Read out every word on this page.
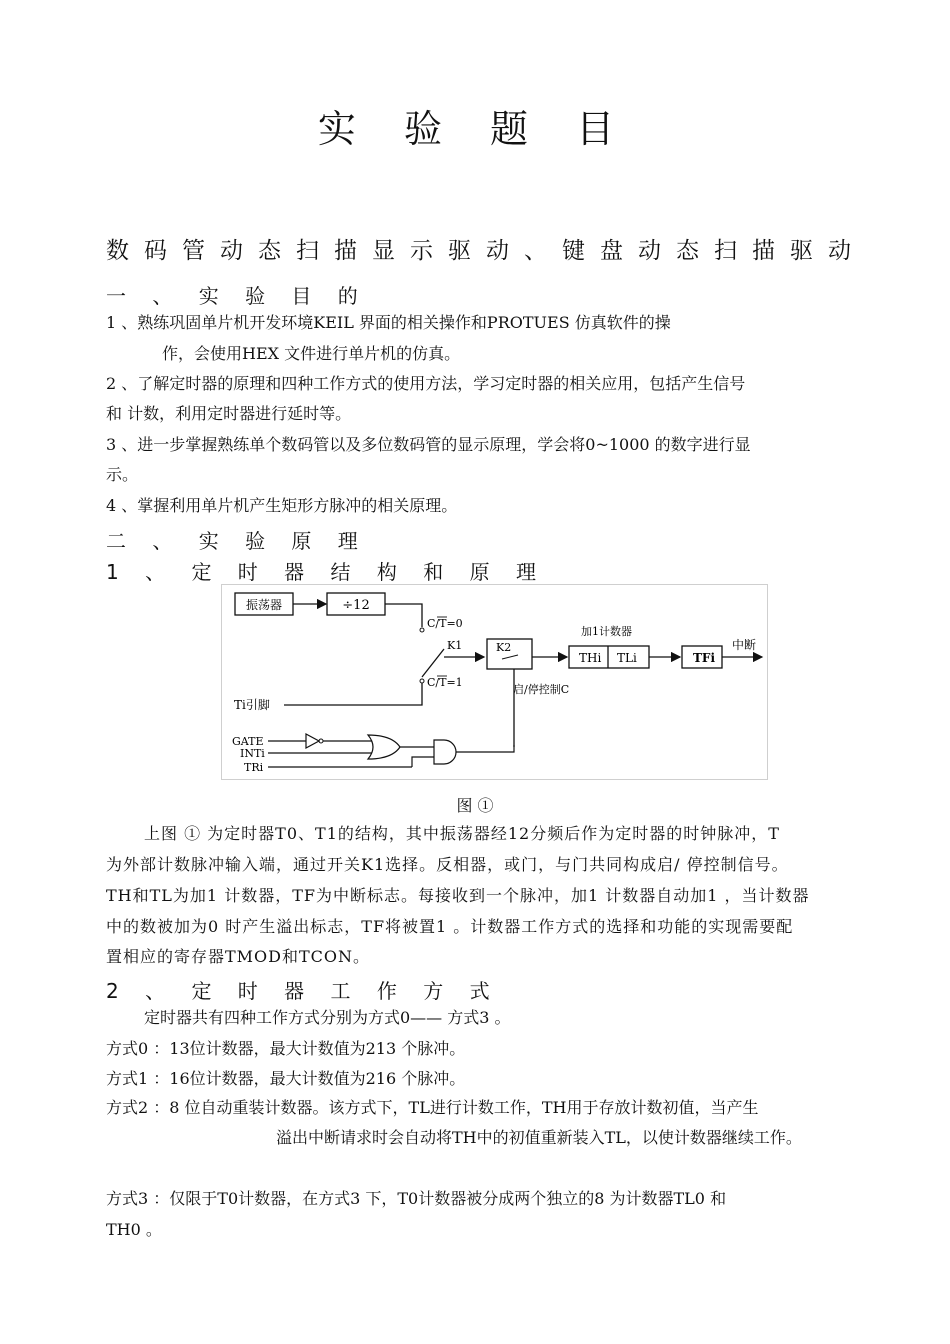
实 验 题 目
数码管动态扫描显示驱动、键盘动态扫描驱动
一 、 实 验 目 的
1 、熟练巩固单片机开发环境KEIL 界面的相关操作和PROTUES 仿真软件的操
作，会使用HEX 文件进行单片机的仿真。
2 、了解定时器的原理和四种工作方式的使用方法，学习定时器的相关应用，包括产生信号
和 计数，利用定时器进行延时等。
3 、进一步掌握熟练单个数码管以及多位数码管的显示原理，学会将0~1000 的数字进行显
示。
4 、掌握利用单片机产生矩形方脉冲的相关原理。
二 、 实 验 原 理
1 、 定 时 器 结 构 和 原 理
振荡器	÷12
C/T=0
K1
C/T=1
Ti引脚
K2
启/停控制C
加1计数器
THi TLi	TFi
中断
GATE
INTi
TRi
图 ①
上图 ① 为定时器T0、T1的结构，其中振荡器经12分频后作为定时器的时钟脉冲，T
为外部计数脉冲输入端，通过开关K1选择。反相器，或门，与门共同构成启/ 停控制信号。
TH和TL为加1 计数器，TF为中断标志。每接收到一个脉冲，加1 计数器自动加1 ，当计数器
中的数被加为0 时产生溢出标志，TF将被置1 。计数器工作方式的选择和功能的实现需要配
置相应的寄存器TMOD和TCON。
2 、 定 时 器 工 作 方 式
定时器共有四种工作方式分别为方式0—— 方式3 。
方式0 ：13位计数器，最大计数值为213 个脉冲。
方式1 ：16位计数器，最大计数值为216 个脉冲。
方式2 ：8 位自动重装计数器。该方式下，TL进行计数工作，TH用于存放计数初值，当产生
溢出中断请求时会自动将TH中的初值重新装入TL，以使计数器继续工作。
方式3 ：仅限于T0计数器，在方式3 下，T0计数器被分成两个独立的8 为计数器TL0 和
TH0 。
